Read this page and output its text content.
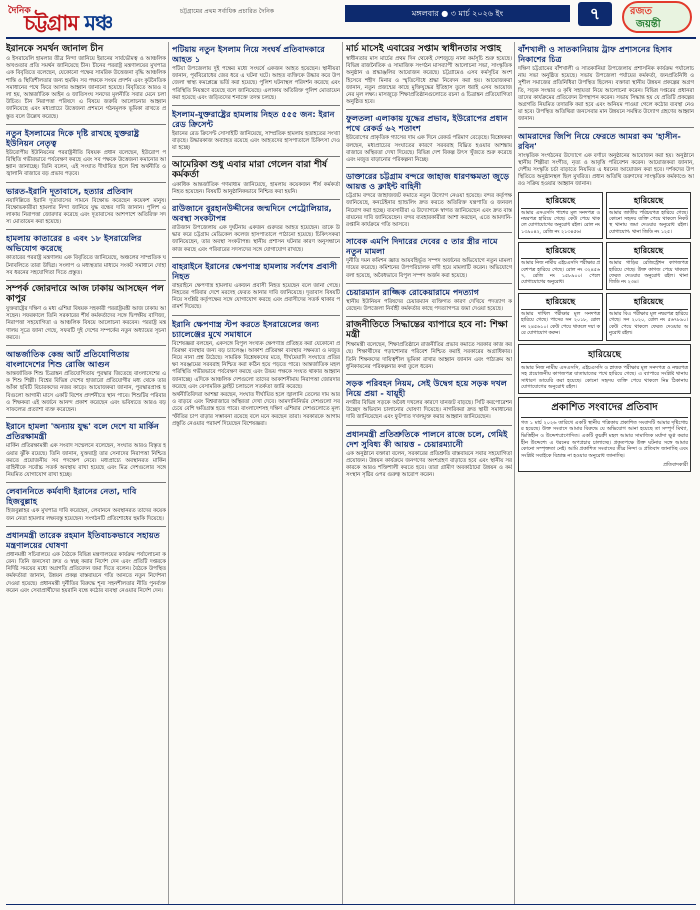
দৈনিক
চট্টগ্রাম মঞ্চ	চট্টগ্রামের প্রথম সর্বাধিক প্রচারিত দৈনিক	মঙ্গলবার ● ৩ মার্চ ২০২৬ ইং	৭	রজত
জয়ন্তী
ইরানকে সমর্থন জানাল চীন
ও ইসরায়েলি হামলার তীব্র নিন্দা জানিয়ে ইরানের সার্বভৌমত্ব ও আঞ্চলিক অখণ্ডতার প্রতি সমর্থন জানিয়েছে চীন। চীনের পররাষ্ট্র মন্ত্রণালয়ের মুখপাত্র এক বিবৃতিতে বলেছেন, যেকোনো পক্ষের সামরিক উত্তেজনা বৃদ্ধি আঞ্চলিক শান্তি ও স্থিতিশীলতার জন্য হুমকি। সব পক্ষকে সংযম প্রদর্শন এবং কূটনৈতিক সমাধানের পথে ফিরে আসার আহ্বান জানানো হয়েছে। বিবৃতিতে আরও বলা হয়, আন্তর্জাতিক আইন ও জাতিসংঘ সনদের মূলনীতি সবার মেনে চলা উচিত। চীন নিরাপত্তা পরিষদে এ বিষয়ে জরুরি আলোচনার আহ্বান জানিয়েছে এবং মধ্যপ্রাচ্যে উত্তেজনা প্রশমনে গঠনমূলক ভূমিকা রাখতে প্রস্তুত বলে উল্লেখ করেছে।
নতুন ইসলামের দিকে দৃষ্টি রাখছে যুক্তরাষ্ট্র ইউনিয়ন নেতৃত্ব
ইউরোপীয় ইউনিয়নের পররাষ্ট্রনীতি বিষয়ক প্রধান বলেছেন, ইউরোপ পরিস্থিতি গভীরভাবে পর্যবেক্ষণ করছে এবং সব পক্ষকে উত্তেজনা কমানোর আহ্বান জানাচ্ছে। তিনি বলেন, এই সংঘাত দীর্ঘায়িত হলে বিশ্ব অর্থনীতি ও জ্বালানি বাজারে বড় প্রভাব পড়বে।
ভারত-ইরানি দূতাবাসে, হত্যার প্রতিবাদ
নয়াদিল্লিতে ইরানি দূতাবাসের সামনে বিক্ষোভ করেছেন কয়েকশ মানুষ। বিক্ষোভকারীরা হামলার নিন্দা জানিয়ে যুদ্ধ বন্ধের দাবি জানান। পুলিশ এলাকায় নিরাপত্তা জোরদার করেছে এবং দূতাবাসের আশপাশে অতিরিক্ত সদস্য মোতায়েন করা হয়েছে।
হামলায় কাতারের ৪ এবং ১৮ ইসরায়েলির অভিযোগ করেছে
কাতারের পররাষ্ট্র মন্ত্রণালয় এক বিবৃতিতে জানিয়েছে, অঞ্চলের সাম্প্রতিক ঘটনাবলিতে তারা উদ্বিগ্ন। সংলাপ ও মধ্যস্থতার মাধ্যমে সংকট সমাধানে দোহা সব ধরনের সহযোগিতা দিতে প্রস্তুত।
সম্পর্ক জোরদারে আজ ঢাকায় আসছেন পল কাপুর
যুক্তরাষ্ট্রের দক্ষিণ ও মধ্য এশিয়া বিষয়ক সহকারী পররাষ্ট্রমন্ত্রী আজ ঢাকায় আসছেন। সফরকালে তিনি সরকারের শীর্ষ কর্মকর্তাদের সঙ্গে দ্বিপক্ষীয় বাণিজ্য, নিরাপত্তা সহযোগিতা ও আঞ্চলিক বিষয়ে আলোচনা করবেন। পররাষ্ট্র মন্ত্রণালয় সূত্রে জানা গেছে, সফরটি দুই দেশের সম্পর্কের নতুন অধ্যায়ের সূচনা করবে।
আন্তর্জাতিক কেন্দ্র আর্ট প্রতিযোগিতায় বাংলাদেশের শিশু রোজি আগুন
আন্তর্জাতিক শিশু চিত্রাঙ্কন প্রতিযোগিতায় পুরস্কার জিতেছে বাংলাদেশের এক শিশু শিল্পী। বিশ্বের বিভিন্ন দেশের হাজারো প্রতিযোগীর মধ্য থেকে তার আঁকা ছবিটি বিচারকদের নজর কাড়ে। আয়োজকরা জানান, পুরস্কারপ্রাপ্ত ছবিগুলো আগামী মাসে একটি বিশেষ প্রদর্শনীতে স্থান পাবে। শিশুটির পরিবার ও শিক্ষকরা এই অর্জনে আনন্দ প্রকাশ করেছেন এবং ভবিষ্যতে আরও বড় সাফল্যের প্রত্যাশা ব্যক্ত করেছেন।
ইরানে হামলা 'অন্যায় যুদ্ধ' বলে দেশে যা মার্কিন প্রতিরক্ষামন্ত্রী
মার্কিন প্রতিরক্ষামন্ত্রী এক সংবাদ সম্মেলনে বলেছেন, সংঘাত আরও বিস্তৃত হওয়ার ঝুঁকি রয়েছে। তিনি জানান, যুক্তরাষ্ট্র তার সেনাদের নিরাপত্তা নিশ্চিত করতে প্রয়োজনীয় সব পদক্ষেপ নেবে। মধ্যপ্রাচ্যে অবস্থানরত মার্কিন বাহিনীকে সর্বোচ্চ সতর্ক অবস্থায় রাখা হয়েছে এবং মিত্র দেশগুলোর সঙ্গে নিয়মিত যোগাযোগ রাখা হচ্ছে।
লেবাননিতে কর্মবাদী ইরানের নেতা, দাবি হিজবুল্লাহ
হিজবুল্লাহর এক মুখপাত্র দাবি করেছেন, লেবাননে অবস্থানরত তাদের কয়েকজন নেতা হামলার লক্ষ্যবস্তু হয়েছেন। সংগঠনটি প্রতিশোধের হুমকি দিয়েছে।
প্রধানমন্ত্রী তারেক রহমান ইতিবাচকভাবে সহায়ত মন্ত্রণালয়ের ঘোষণা
প্রধানমন্ত্রী সচিবালয়ে এক বৈঠকে বিভিন্ন মন্ত্রণালয়ের কার্যক্রম পর্যালোচনা করেন। তিনি জনসেবা দ্রুত ও স্বচ্ছ করার নির্দেশ দেন এবং প্রতিটি দপ্তরকে নির্দিষ্ট সময়ের মধ্যে অগ্রগতি প্রতিবেদন জমা দিতে বলেন। বৈঠকে উপস্থিত কর্মকর্তারা জানান, উন্নয়ন প্রকল্প বাস্তবায়নে গতি আনতে নতুন নির্দেশনা দেওয়া হয়েছে। প্রধানমন্ত্রী দুর্নীতির বিরুদ্ধে শূন্য সহনশীলতার নীতি পুনর্ব্যক্ত করেন এবং সেবাপ্রার্থীদের হয়রানি বন্ধে কঠোর ব্যবস্থা নেওয়ার নির্দেশ দেন।
পটিয়ায় নতুন ইসলাম নিয়ে সংঘর্ষ প্রতিবাদকারে আহত ১
পটিয়া উপজেলায় দুই পক্ষের মধ্যে সংঘর্ষে একজন আহত হয়েছেন। স্থানীয়রা জানান, পূর্ববিরোধের জের ধরে এ ঘটনা ঘটে। আহত ব্যক্তিকে উদ্ধার করে উপজেলা স্বাস্থ্য কমপ্লেক্সে ভর্তি করা হয়েছে। পুলিশ ঘটনাস্থল পরিদর্শন করেছে এবং পরিস্থিতি নিয়ন্ত্রণে রয়েছে বলে জানিয়েছে। এলাকায় অতিরিক্ত পুলিশ মোতায়েন করা হয়েছে এবং জড়িতদের শনাক্তে তদন্ত চলছে।
ইসলাম-যুক্তরাষ্ট্রের হামলায় নিহত ৫৫৫ জন: ইরান রেড ক্রিসেন্ট
ইরানের রেড ক্রিসেন্ট সোসাইটি জানিয়েছে, সাম্প্রতিক হামলায় হতাহতের সংখ্যা বাড়ছে। উদ্ধারকাজ অব্যাহত রয়েছে এবং আহতদের হাসপাতালে চিকিৎসা দেওয়া হচ্ছে।
আমেরিকা শুধু এবার মারা গেলেন বারা শীর্ষ কর্মকর্তা
একাধিক আন্তর্জাতিক গণমাধ্যম জানিয়েছে, হামলায় কয়েকজন শীর্ষ কর্মকর্তা নিহত হয়েছেন। বিষয়টি আনুষ্ঠানিকভাবে নিশ্চিত করা হয়নি।
রাউজানে বুরহানউদ্দীনের জন্মদিনে পেট্রোলিয়ার, অবস্থা সংকটাপন্ন
রাউজান উপজেলায় এক দুর্ঘটনায় একজন গুরুতর আহত হয়েছেন। তাকে উদ্ধার করে চট্টগ্রাম মেডিকেল কলেজ হাসপাতালে পাঠানো হয়েছে। চিকিৎসকরা জানিয়েছেন, তার অবস্থা সংকটাপন্ন। স্থানীয় প্রশাসন ঘটনার কারণ অনুসন্ধানে কাজ করছে এবং পরিবারের সদস্যদের সঙ্গে যোগাযোগ রাখছে।
বাহরাইনে ইরানের ক্ষেপণাস্ত্র হামলায় সর্বশেষ প্রবাসী নিহত
বাহরাইনে ক্ষেপণাস্ত্র হামলায় একজন প্রবাসী নিহত হয়েছেন বলে জানা গেছে। নিহতের পরিবার দেশে মরদেহ ফেরত আনার দাবি জানিয়েছে। দূতাবাস বিষয়টি নিয়ে সংশ্লিষ্ট কর্তৃপক্ষের সঙ্গে যোগাযোগ করছে এবং প্রবাসীদের সতর্ক থাকার পরামর্শ দিয়েছে।
ইরানি ক্ষেপণাস্ত্র স্টপ করতে ইসরায়েলের জন্য চ্যালেঞ্জের মুখে সমাধানে
বিশেষজ্ঞরা বলছেন, একসঙ্গে বিপুল সংখ্যক ক্ষেপণাস্ত্র প্রতিহত করা যেকোনো প্রতিরক্ষা ব্যবস্থার জন্য বড় চ্যালেঞ্জ। আকাশ প্রতিরক্ষা ব্যবস্থার সক্ষমতা ও মজুত নিয়ে নানা প্রশ্ন উঠেছে। সামরিক বিশ্লেষকদের মতে, দীর্ঘমেয়াদি সংঘাতে প্রতিরক্ষা সরঞ্জামের সরবরাহ নিশ্চিত করা কঠিন হয়ে পড়তে পারে। আন্তর্জাতিক মহল পরিস্থিতি গভীরভাবে পর্যবেক্ষণ করছে এবং উভয় পক্ষকে সংযত থাকার আহ্বান জানাচ্ছে। এদিকে আঞ্চলিক দেশগুলো তাদের আকাশসীমায় নিরাপত্তা জোরদার করেছে এবং বেসামরিক ফ্লাইট চলাচলে সতর্কতা জারি করেছে।
অর্থনীতিবিদরা আশঙ্কা করছেন, সংঘাত দীর্ঘায়িত হলে জ্বালানি তেলের দাম আরও বাড়বে এবং বিশ্ববাজারে অস্থিরতা দেখা দেবে। আমদানিনির্ভর দেশগুলো সবচেয়ে বেশি ক্ষতিগ্রস্ত হতে পারে। বাংলাদেশসহ দক্ষিণ এশিয়ার দেশগুলোতে মূল্যস্ফীতির চাপ বাড়ার সম্ভাবনা রয়েছে বলে মনে করছেন তারা। সরকারকে আগাম প্রস্তুতি নেওয়ার পরামর্শ দিয়েছেন বিশেষজ্ঞরা।
মার্চ মাসেই এবারের সপ্তাম স্বাধীনতার সপ্তাহ
স্বাধীনতার মাস মার্চের প্রথম দিন থেকেই দেশজুড়ে নানা কর্মসূচি শুরু হয়েছে। বিভিন্ন রাজনৈতিক ও সামাজিক সংগঠন মাসব্যাপী আলোচনা সভা, সাংস্কৃতিক অনুষ্ঠান ও শ্রদ্ধাঞ্জলির আয়োজন করেছে। চট্টগ্রামেও এসব কর্মসূচির অংশ হিসেবে শহীদ মিনার ও স্মৃতিসৌধে শ্রদ্ধা নিবেদন করা হয়। আয়োজকরা জানান, নতুন প্রজন্মের কাছে মুক্তিযুদ্ধের ইতিহাস তুলে ধরাই এসব আয়োজনের মূল লক্ষ্য। মাসজুড়ে শিক্ষাপ্রতিষ্ঠানগুলোতে রচনা ও চিত্রাঙ্কন প্রতিযোগিতা অনুষ্ঠিত হবে।
ফুলতলা এলাকায় যুদ্ধের প্রভাব, ইউরোপের প্রধান পথে রেকর্ড ৬২ শতাংশ
ইউরোপের প্রাকৃতিক গ্যাসের দাম এক দিনে রেকর্ড পরিমাণ বেড়েছে। বিশ্লেষকরা বলছেন, মধ্যপ্রাচ্যের সংঘাতের কারণে সরবরাহ বিঘ্নিত হওয়ার আশঙ্কায় বাজারে অস্থিরতা দেখা দিয়েছে। বিভিন্ন দেশ বিকল্প উৎস খুঁজতে শুরু করেছে এবং মজুত বাড়ানোর পরিকল্পনা নিচ্ছে।
ডাক্তারের চট্টগ্রাম বন্দরে জাহাজ ধারণক্ষমতা জুড়ে আয়ত্ত ও ক্লাইন্ট বাহিনী
চট্টগ্রাম বন্দরে জাহাজজট কমাতে নতুন উদ্যোগ নেওয়া হয়েছে। বন্দর কর্তৃপক্ষ জানিয়েছে, কনটেইনার হ্যান্ডলিং দ্রুত করতে অতিরিক্ত যন্ত্রপাতি ও জনবল নিয়োগ করা হচ্ছে। ব্যবসায়ীরা এ উদ্যোগকে স্বাগত জানিয়েছেন এবং দ্রুত বাস্তবায়নের দাবি জানিয়েছেন। বন্দর ব্যবহারকারীরা আশা করছেন, এতে আমদানি-রপ্তানি কার্যক্রমে গতি আসবে।
সাবেক এমপি দিদারের দেবের ৫ তার স্ত্রীর নামে নতুন মামলা
দুর্নীতি দমন কমিশন জ্ঞাত আয়বহির্ভূত সম্পদ অর্জনের অভিযোগে নতুন মামলা দায়ের করেছে। কমিশনের উপপরিচালক বাদী হয়ে মামলাটি করেন। অভিযোগে বলা হয়েছে, অবৈধভাবে বিপুল সম্পদ অর্জন করা হয়েছে।
চেয়ারম্যান রাজ্জিক রোকেয়ারামে পদত্যাগ
স্থানীয় ইউনিয়ন পরিষদের চেয়ারম্যান ব্যক্তিগত কারণ দেখিয়ে পদত্যাগ করেছেন। উপজেলা নির্বাহী কর্মকর্তার কাছে পদত্যাগপত্র জমা দেওয়া হয়েছে।
রাজনীতিতে সিদ্ধান্তের ব্যাপারে হবে না: শিক্ষা মন্ত্রী
শিক্ষামন্ত্রী বলেছেন, শিক্ষাপ্রতিষ্ঠানে রাজনীতির প্রভাব কমাতে সরকার কাজ করছে। শিক্ষার্থীদের পড়াশোনার পরিবেশ নিশ্চিত করাই সরকারের অগ্রাধিকার। তিনি শিক্ষকদের দায়িত্বশীল ভূমিকা রাখার আহ্বান জানান এবং পাঠ্যক্রম আধুনিকায়নের পরিকল্পনার কথা তুলে ধরেন।
সড়ক পরিবহন নিয়ম, সেই উদ্বেগ হয়ে সড়ক দখল নিয়ে প্রয়া - যায়ূহী
নগরীর বিভিন্ন সড়কে অবৈধ দখলের কারণে যানজট বাড়ছে। সিটি করপোরেশন উচ্ছেদ অভিযান চালানোর ঘোষণা দিয়েছে। নাগরিকরা দ্রুত স্থায়ী সমাধানের দাবি জানিয়েছেন এবং ফুটপাত দখলমুক্ত করার আহ্বান জানিয়েছেন।
প্রধানমন্ত্রী প্রতিশ্রুতিকে পালনে রাজে চলে, গেমিই দেশ সুবিধ্য কী আয়ত্ত - চেয়ারম্যানেী
এক অনুষ্ঠানে বক্তারা বলেন, সরকারের প্রতিশ্রুতি বাস্তবায়নে সবার সহযোগিতা প্রয়োজন। উন্নয়ন কার্যক্রমে জনগণের অংশগ্রহণ বাড়াতে হবে এবং স্থানীয় সরকারকে আরও শক্তিশালী করতে হবে। তারা গ্রামীণ অবকাঠামো উন্নয়ন ও কর্মসংস্থান সৃষ্টির ওপর গুরুত্ব আরোপ করেন।
বাঁশখালী ও সাতকানিয়ায় ট্রাফ প্রশাসনের হিসাব নিকাশের চিত্র
দক্ষিণ চট্টগ্রামের বাঁশখালী ও সাতকানিয়া উপজেলায় প্রশাসনিক কার্যক্রম পর্যালোচনায় সভা অনুষ্ঠিত হয়েছে। সভায় উপজেলা পর্যায়ের কর্মকর্তা, জনপ্রতিনিধি ও সুশীল সমাজের প্রতিনিধিরা উপস্থিত ছিলেন। বক্তারা স্থানীয় উন্নয়ন প্রকল্পের অগ্রগতি, সড়ক সংস্কার ও কৃষি সহায়তা নিয়ে আলোচনা করেন। বিভিন্ন দপ্তরের প্রধানরা তাদের কার্যক্রমের প্রতিবেদন উপস্থাপন করেন। সভায় সিদ্ধান্ত হয় যে প্রতিটি প্রকল্পের অগ্রগতি নিয়মিত তদারকি করা হবে এবং অনিয়ম পাওয়া গেলে কঠোর ব্যবস্থা নেওয়া হবে। উপস্থিত অতিথিরা জনসেবার মান উন্নয়নে সমন্বিত উদ্যোগ গ্রহণের আহ্বান জানান।
আমরাদের জিপি নিয়ে ফেরতে আমরা কম 'হাসীন-রবিন'
সাংস্কৃতিক সংগঠনের উদ্যোগে এক বর্ণাঢ্য অনুষ্ঠানের আয়োজন করা হয়। অনুষ্ঠানে স্থানীয় শিল্পীরা সংগীত, নৃত্য ও আবৃত্তি পরিবেশন করেন। আয়োজকরা জানান, দেশীয় সংস্কৃতি চর্চা বাড়াতে নিয়মিত এ ধরনের আয়োজন করা হবে। দর্শকদের উপস্থিতিতে অনুষ্ঠানস্থল ছিল মুখরিত। প্রধান অতিথি তরুণদের সাংস্কৃতিক কর্মকাণ্ডে আরও সক্রিয় হওয়ার আহ্বান জানান।
হারিয়েছে
আমার এসএসসি পাশের মূল সনদপত্র ও নম্বরপত্র হারিয়ে গেছে। কেউ পেয়ে থাকলে যোগাযোগের অনুরোধ রইল। রোল নং ১৩৯০৪২, রেজি নং ২১৩৪৫৬।
হারিয়েছে
আমার জাতীয় পরিচয়পত্র হারিয়ে গেছে। কোনো সহৃদয় ব্যক্তি পেয়ে থাকলে নিকটস্থ থানায় জমা দেওয়ার অনুরোধ রইল। যোগাযোগ: থানা জিডি নং ১২৫।
হারিয়েছে
আমার নিজ নামীয় এইচএসসি পরীক্ষার প্রবেশপত্র হারিয়ে গেছে। রোল নং ৩২৪৫৬৭, রেজি নং ১৫৮৯০০। পেলে যোগাযোগের অনুরোধ।
হারিয়েছে
আমার গাড়ির রেজিস্ট্রেশন কাগজপত্র হারিয়ে গেছে। উক্ত কাগজ পেয়ে থাকলে ফেরত দেওয়ার অনুরোধ রইল। থানা জিডি নং ২৩৪।
হারিয়েছে
আমার দাখিল পরীক্ষার মূল সনদপত্র হারিয়ে গেছে। পাসের সন ২০১৮, রোল নং ২৪৫৬১০। কেউ পেয়ে থাকলে দয়া করে যোগাযোগ করুন।
হারিয়েছে
আমার বিএ পরীক্ষার মূল নম্বরপত্র হারিয়ে গেছে। সন ২০২০, রোল নং ৫৬৭৮৯০। কেউ পেয়ে থাকলে ফেরত দেওয়ার অনুরোধ রইল।
হারিয়েছে
আমার নিজ নামীয় এসএসসি, এইচএসসি ও স্নাতক পরীক্ষার মূল সনদপত্র ও নম্বরপত্রসহ প্রয়োজনীয় কাগজপত্র যাতায়াতের পথে হারিয়ে গেছে। এ ব্যাপারে সংশ্লিষ্ট থানায় সাধারণ ডায়েরি করা হয়েছে। কোনো সহৃদয় ব্যক্তি পেয়ে থাকলে নিম্ন ঠিকানায় যোগাযোগের অনুরোধ রইল।
প্রকাশিত সংবাদের প্রতিবাদ
গত ১ মার্চ ২০২৬ তারিখে একটি স্থানীয় পত্রিকায় প্রকাশিত সংবাদটি আমার দৃষ্টিগোচর হয়েছে। উক্ত সংবাদে আমার বিরুদ্ধে যে অভিযোগ আনা হয়েছে তা সম্পূর্ণ মিথ্যা, ভিত্তিহীন ও উদ্দেশ্যপ্রণোদিত। একটি কুচক্রী মহল আমার সামাজিক মর্যাদা ক্ষুণ্ণ করার হীন উদ্দেশ্যে এ ধরনের অপপ্রচার চালাচ্ছে। প্রকৃতপক্ষে উক্ত ঘটনার সঙ্গে আমার কোনো সম্পৃক্ততা নেই। আমি প্রকাশিত সংবাদের তীব্র নিন্দা ও প্রতিবাদ জানাচ্ছি এবং সংশ্লিষ্ট সবাইকে বিভ্রান্ত না হওয়ার অনুরোধ জানাচ্ছি।
প্রতিবাদকারী
